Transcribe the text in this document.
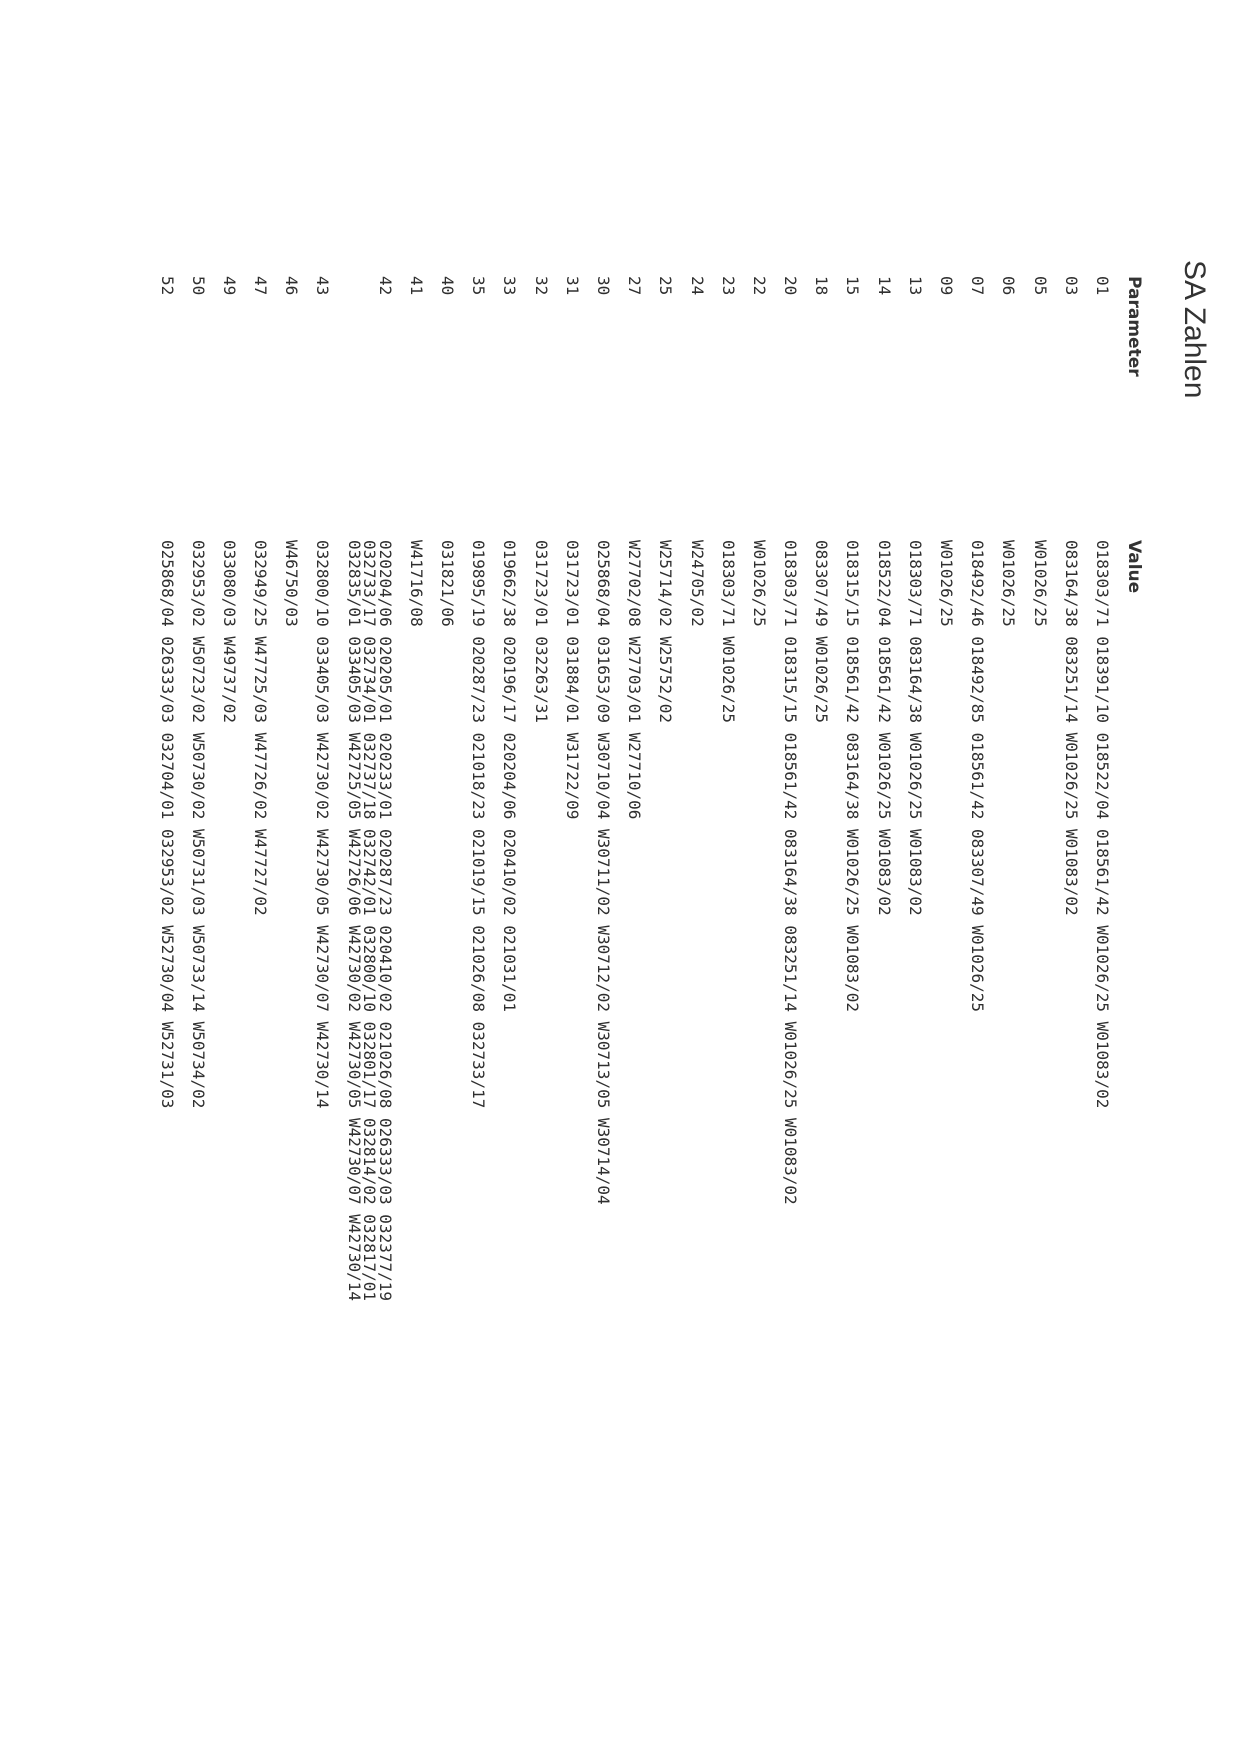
SA Zahlen
Parameter	Value
01	018303/71 018391/10 018522/04 018561/42 W01026/25 W01083/02

03	083164/38 083251/14 W01026/25 W01083/02

05	W01026/25

06	W01026/25

07	018492/46 018492/85 018561/42 083307/49 W01026/25

09	W01026/25

13	018303/71 083164/38 W01026/25 W01083/02

14	018522/04 018561/42 W01026/25 W01083/02

15	018315/15 018561/42 083164/38 W01026/25 W01083/02

18	083307/49 W01026/25

20	018303/71 018315/15 018561/42 083164/38 083251/14 W01026/25 W01083/02

22	W01026/25

23	018303/71 W01026/25

24	W24705/02

25	W25714/02 W25752/02

27	W27702/08 W27703/01 W27710/06

30	025868/04 031653/09 W30710/04 W30711/02 W30712/02 W30713/05 W30714/04

31	031723/01 031884/01 W31722/09

32	031723/01 032263/31

33	019662/38 020196/17 020204/06 020410/02 021031/01

35	019895/19 020287/23 021018/23 021019/15 021026/08 032733/17

40	031821/06

41	W41716/08

42	020204/06 020205/01 020233/01 020287/23 020410/02 021026/08 026333/03 032377/19
032733/17 032734/01 032737/18 032742/01 032800/10 032801/17 032814/02 032817/01
032835/01 033405/03 W42725/05 W42726/06 W42730/02 W42730/05 W42730/07 W42730/14

43	032800/10 033405/03 W42730/02 W42730/05 W42730/07 W42730/14

46	W46750/03

47	032949/25 W47725/03 W47726/02 W47727/02

49	033080/03 W49737/02

50	032953/02 W50723/02 W50730/02 W50731/03 W50733/14 W50734/02

52	025868/04 026333/03 032704/01 032953/02 W52730/04 W52731/03
